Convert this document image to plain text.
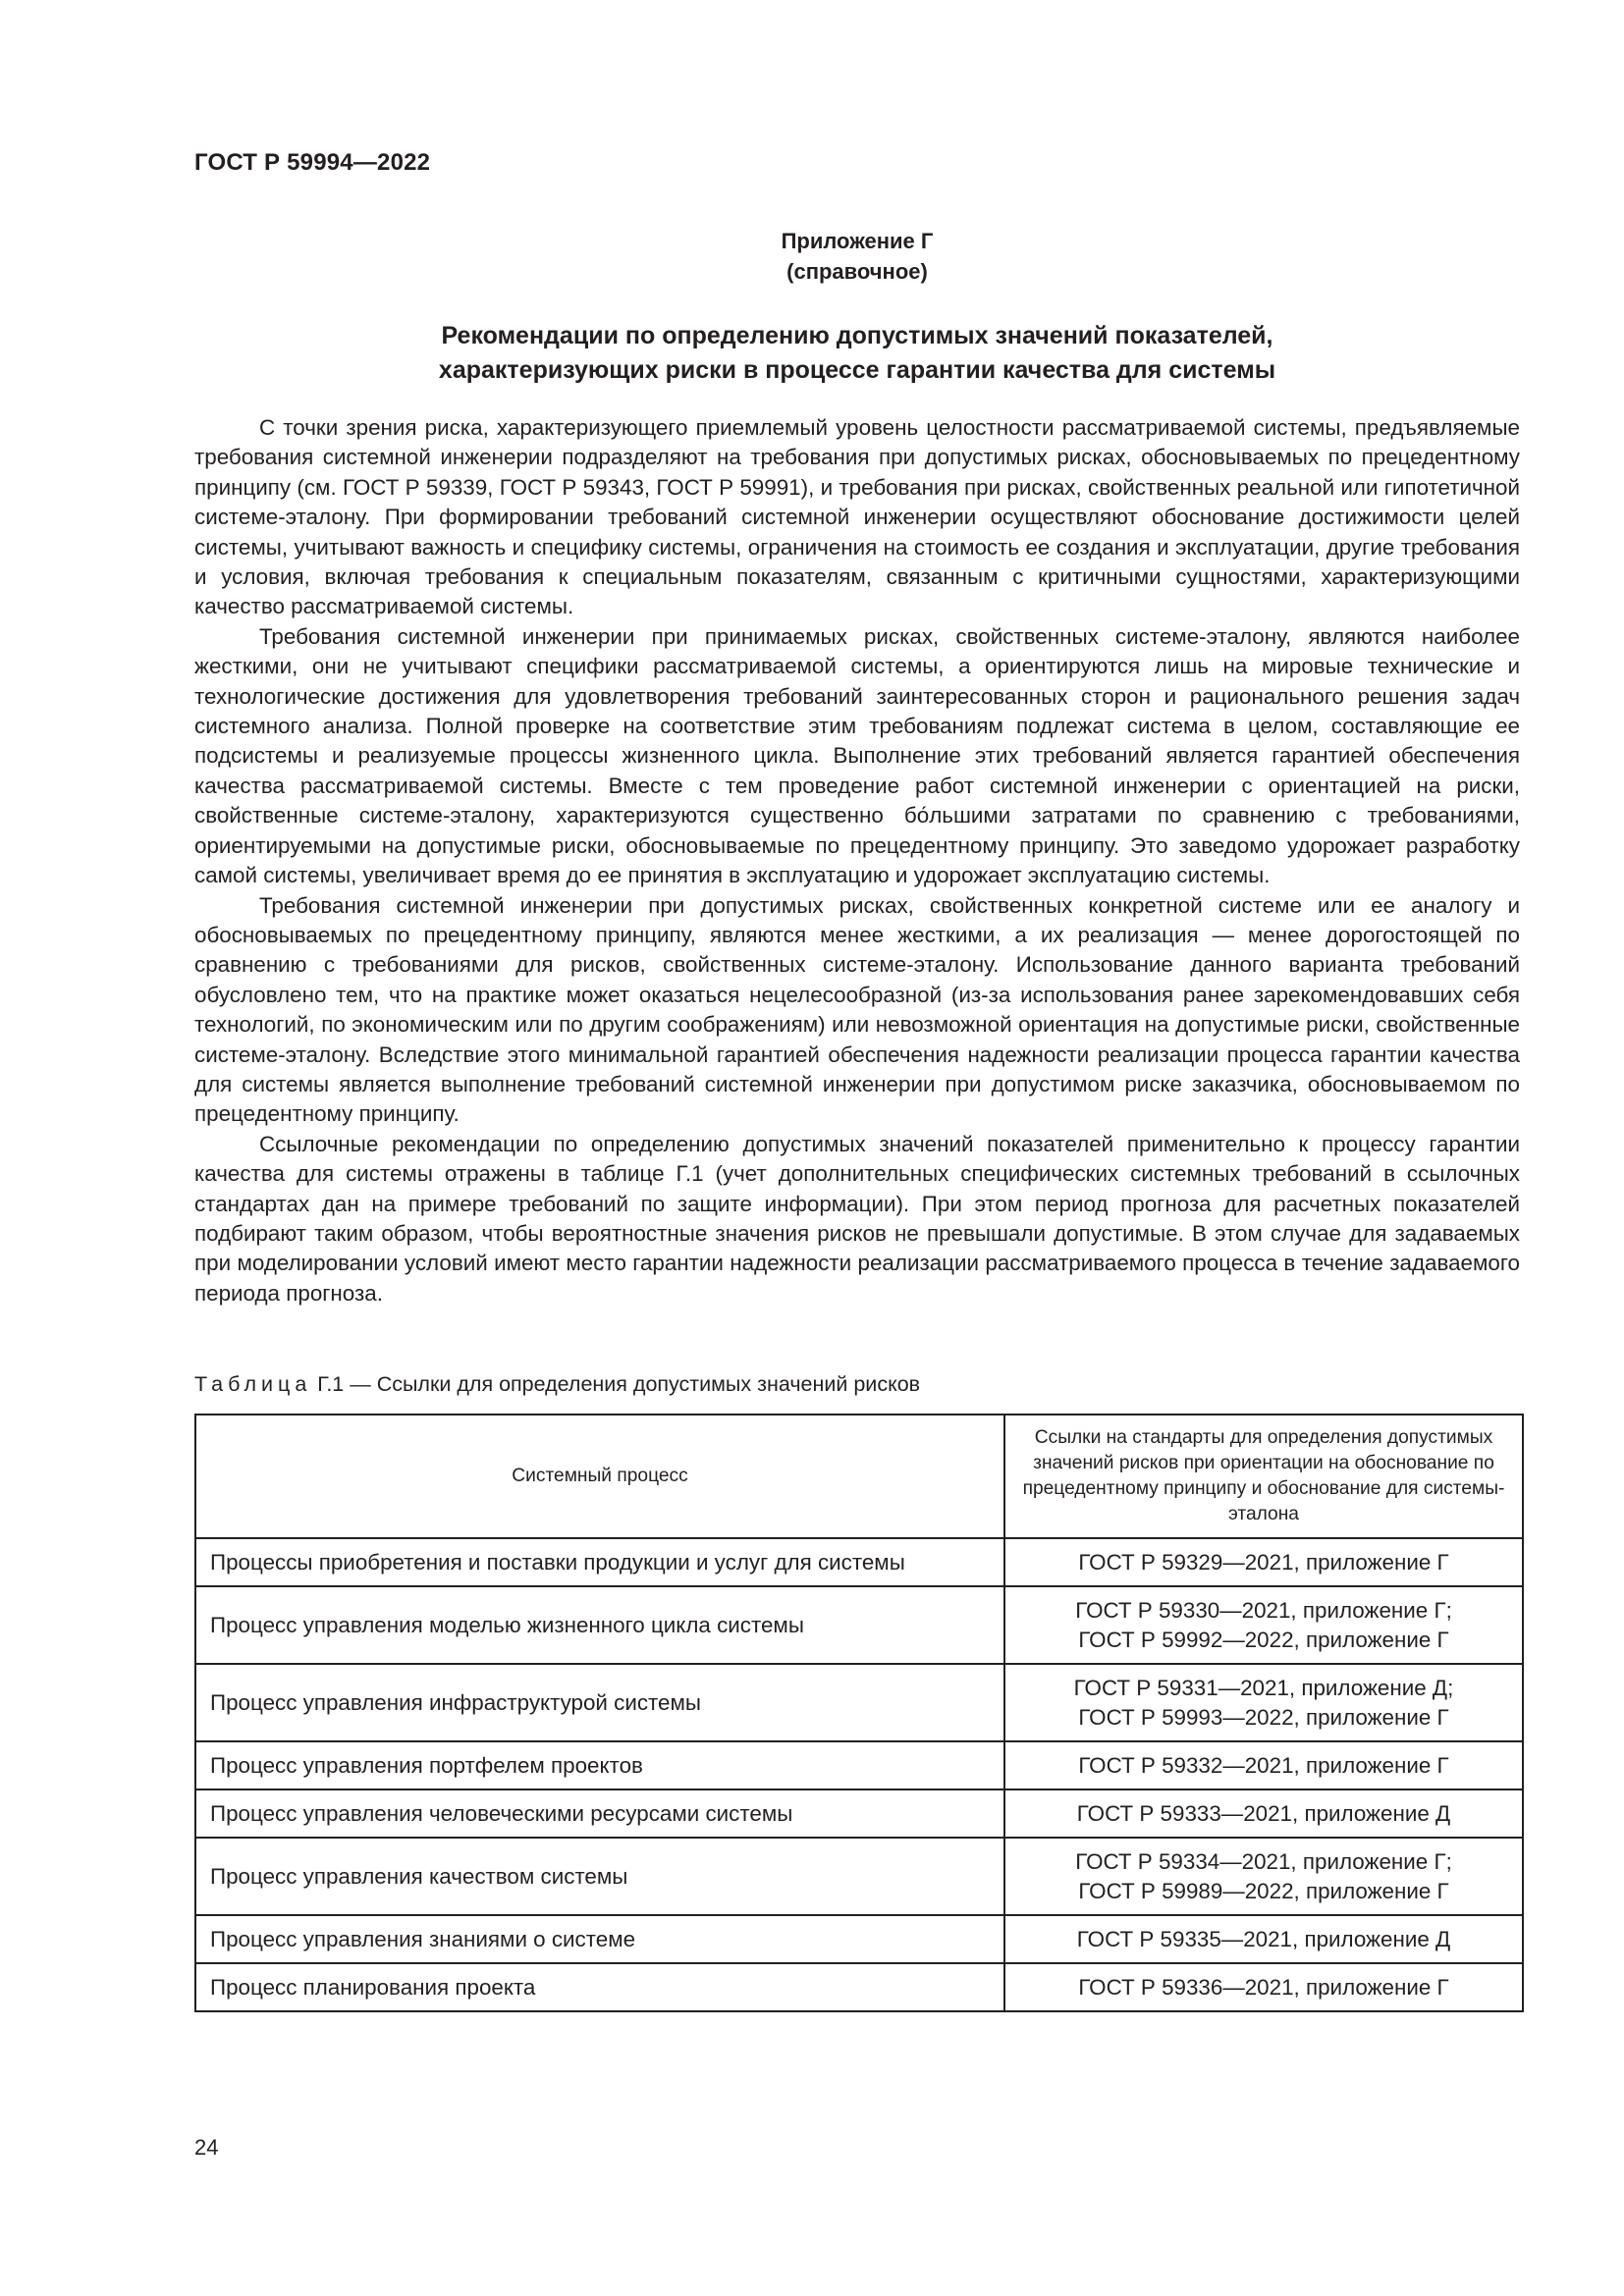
ГОСТ Р 59994—2022
Приложение Г
(справочное)
Рекомендации по определению допустимых значений показателей,
характеризующих риски в процессе гарантии качества для системы

С точки зрения риска, характеризующего приемлемый уровень целостности рассматриваемой системы, предъявляемые требования системной инженерии подразделяют на требования при допустимых рисках, обосновываемых по прецедентному принципу (см. ГОСТ Р 59339, ГОСТ Р 59343, ГОСТ Р 59991), и требования при рисках, свойственных реальной или гипотетичной системе-эталону. При формировании требований системной инженерии осуществляют обоснование достижимости целей системы, учитывают важность и специфику системы, ограничения на стоимость ее создания и эксплуатации, другие требования и условия, включая требования к специальным показателям, связанным с критичными сущностями, характеризующими качество рассматриваемой системы.

Требования системной инженерии при принимаемых рисках, свойственных системе-эталону, являются наиболее жесткими, они не учитывают специфики рассматриваемой системы, а ориентируются лишь на мировые технические и технологические достижения для удовлетворения требований заинтересованных сторон и рационального решения задач системного анализа. Полной проверке на соответствие этим требованиям подлежат система в целом, составляющие ее подсистемы и реализуемые процессы жизненного цикла. Выполнение этих требований является гарантией обеспечения качества рассматриваемой системы. Вместе с тем проведение работ системной инженерии с ориентацией на риски, свойственные системе-эталону, характеризуются существенно бо́льшими затратами по сравнению с требованиями, ориентируемыми на допустимые риски, обосновываемые по прецедентному принципу. Это заведомо удорожает разработку самой системы, увеличивает время до ее принятия в эксплуатацию и удорожает эксплуатацию системы.

Требования системной инженерии при допустимых рисках, свойственных конкретной системе или ее аналогу и обосновываемых по прецедентному принципу, являются менее жесткими, а их реализация — менее дорогостоящей по сравнению с требованиями для рисков, свойственных системе-эталону. Использование данного варианта требований обусловлено тем, что на практике может оказаться нецелесообразной (из-за использования ранее зарекомендовавших себя технологий, по экономическим или по другим соображениям) или невозможной ориентация на допустимые риски, свойственные системе-эталону. Вследствие этого минимальной гарантией обеспечения надежности реализации процесса гарантии качества для системы является выполнение требований системной инженерии при допустимом риске заказчика, обосновываемом по прецедентному принципу.

Ссылочные рекомендации по определению допустимых значений показателей применительно к процессу гарантии качества для системы отражены в таблице Г.1 (учет дополнительных специфических системных требований в ссылочных стандартах дан на примере требований по защите информации). При этом период прогноза для расчетных показателей подбирают таким образом, чтобы вероятностные значения рисков не превышали допустимые. В этом случае для задаваемых при моделировании условий имеют место гарантии надежности реализации рассматриваемого процесса в течение задаваемого периода прогноза.

Таблица Г.1 — Ссылки для определения допустимых значений рисков
Системный процесс	Ссылки на стандарты для определения допустимых значений рисков при ориентации на обоснование по прецедентному принципу и обоснование для системы-эталона
Процессы приобретения и поставки продукции и услуг для системы	ГОСТ Р 59329—2021, приложение Г

Процесс управления моделью жизненного цикла системы	ГОСТ Р 59330—2021, приложение Г;
ГОСТ Р 59992—2022, приложение Г

Процесс управления инфраструктурой системы	ГОСТ Р 59331—2021, приложение Д;
ГОСТ Р 59993—2022, приложение Г

Процесс управления портфелем проектов	ГОСТ Р 59332—2021, приложение Г

Процесс управления человеческими ресурсами системы	ГОСТ Р 59333—2021, приложение Д

Процесс управления качеством системы	ГОСТ Р 59334—2021, приложение Г;
ГОСТ Р 59989—2022, приложение Г

Процесс управления знаниями о системе	ГОСТ Р 59335—2021, приложение Д

Процесс планирования проекта	ГОСТ Р 59336—2021, приложение Г
24
